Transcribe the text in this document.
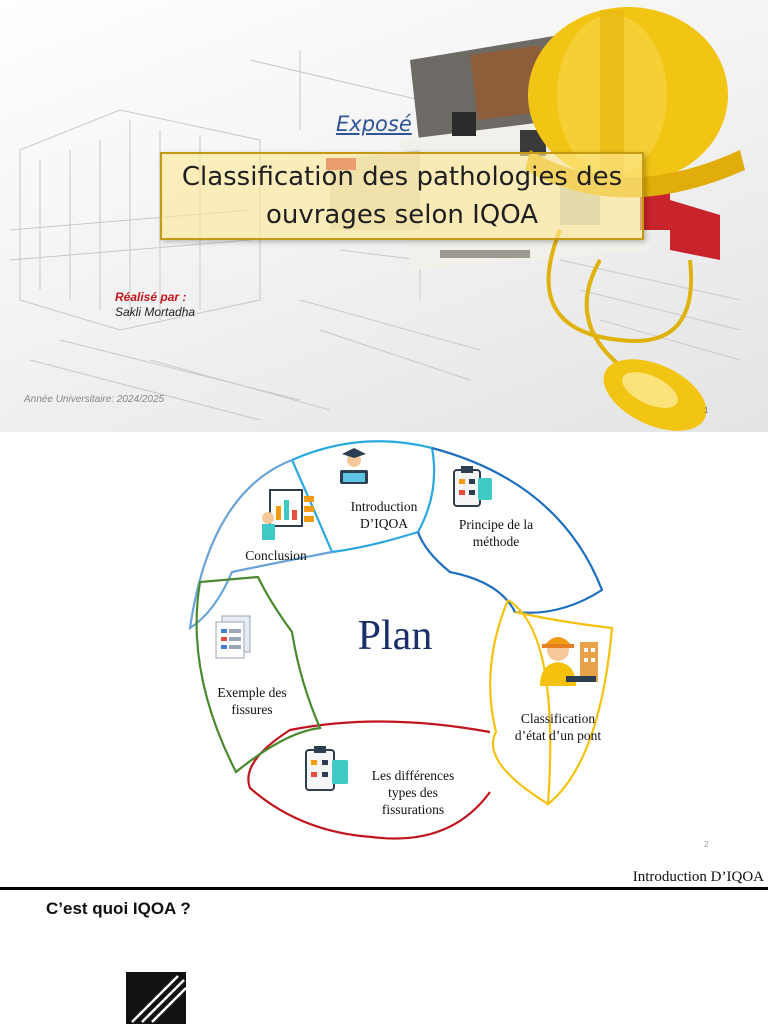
Exposé
Classification des pathologies des ouvrages selon IQOA
Réalisé par :
Sakli Mortadha
Année Universitaire: 2024/2025
1
Introduction D’IQOA	Principe de la méthode
Conclusion
Plan
Exemple des fissures
Classification d’état d’un pont
Les différences types des fissurations
2
Introduction D’IQOA
C’est quoi IQOA ?
